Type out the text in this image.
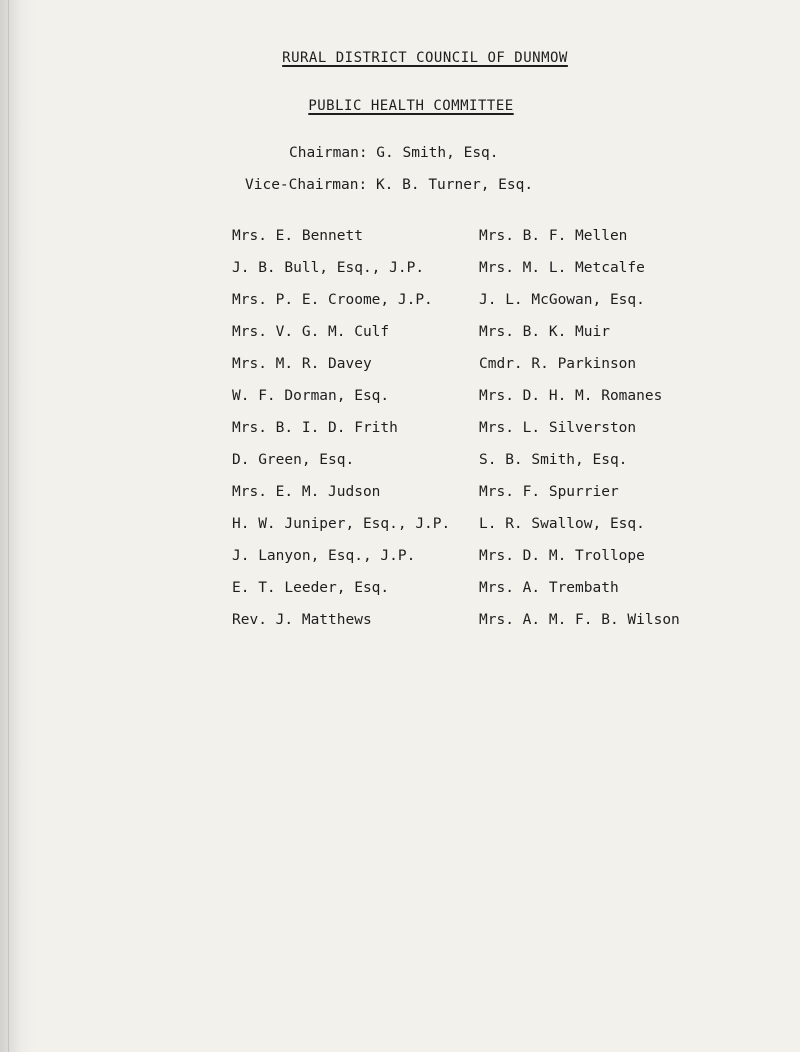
RURAL DISTRICT COUNCIL OF DUNMOW
PUBLIC HEALTH COMMITTEE
Chairman: G. Smith, Esq.
Vice-Chairman: K. B. Turner, Esq.
Mrs. E. Bennett
J. B. Bull, Esq., J.P.
Mrs. P. E. Croome, J.P.
Mrs. V. G. M. Culf
Mrs. M. R. Davey
W. F. Dorman, Esq.
Mrs. B. I. D. Frith
D. Green, Esq.
Mrs. E. M. Judson
H. W. Juniper, Esq., J.P.
J. Lanyon, Esq., J.P.
E. T. Leeder, Esq.
Rev. J. Matthews
Mrs. B. F. Mellen
Mrs. M. L. Metcalfe
J. L. McGowan, Esq.
Mrs. B. K. Muir
Cmdr. R. Parkinson
Mrs. D. H. M. Romanes
Mrs. L. Silverston
S. B. Smith, Esq.
Mrs. F. Spurrier
L. R. Swallow, Esq.
Mrs. D. M. Trollope
Mrs. A. Trembath
Mrs. A. M. F. B. Wilson
